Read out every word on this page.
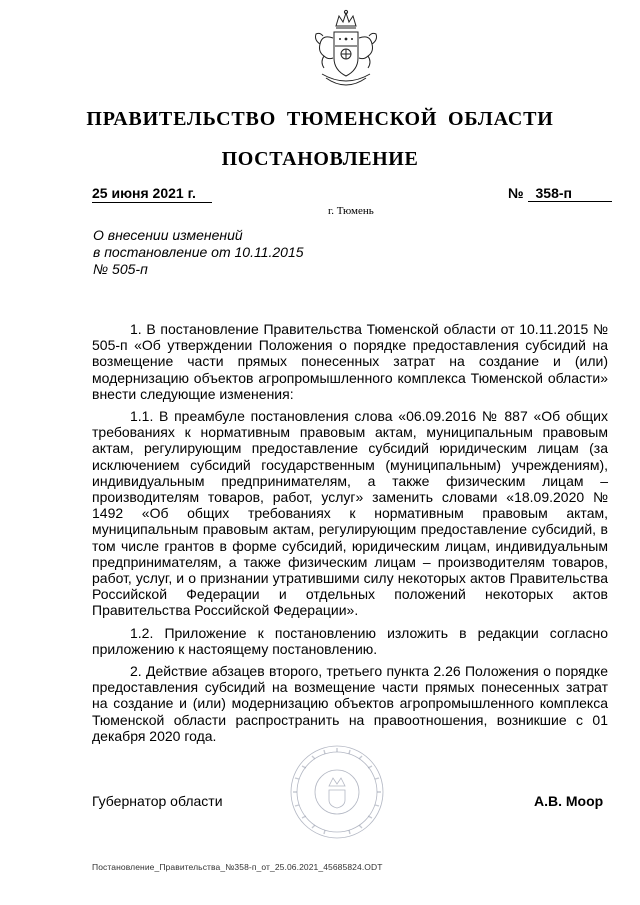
ПРАВИТЕЛЬСТВО ТЮМЕНСКОЙ ОБЛАСТИ
ПОСТАНОВЛЕНИЕ
25 июня 2021 г.	№ 358-п
г. Тюмень
О внесении изменений
в постановление от 10.11.2015
№ 505-п

1. В постановление Правительства Тюменской области от 10.11.2015 № 505-п «Об утверждении Положения о порядке предоставления субсидий на возмещение части прямых понесенных затрат на создание и (или) модернизацию объектов агропромышленного комплекса Тюменской области» внести следующие изменения:

1.1. В преамбуле постановления слова «06.09.2016 № 887 «Об общих требованиях к нормативным правовым актам, муниципальным правовым актам, регулирующим предоставление субсидий юридическим лицам (за исключением субсидий государственным (муниципальным) учреждениям), индивидуальным предпринимателям, а также физическим лицам – производителям товаров, работ, услуг» заменить словами «18.09.2020 № 1492 «Об общих требованиях к нормативным правовым актам, муниципальным правовым актам, регулирующим предоставление субсидий, в том числе грантов в форме субсидий, юридическим лицам, индивидуальным предпринимателям, а также физическим лицам – производителям товаров, работ, услуг, и о признании утратившими силу некоторых актов Правительства Российской Федерации и отдельных положений некоторых актов Правительства Российской Федерации».

1.2. Приложение к постановлению изложить в редакции согласно приложению к настоящему постановлению.

2. Действие абзацев второго, третьего пункта 2.26 Положения о порядке предоставления субсидий на возмещение части прямых понесенных затрат на создание и (или) модернизацию объектов агропромышленного комплекса Тюменской области распространить на правоотношения, возникшие с 01 декабря 2020 года.

Губернатор области	А.В. Моор
Постановление_Правительства_№358-п_от_25.06.2021_45685824.ODT
